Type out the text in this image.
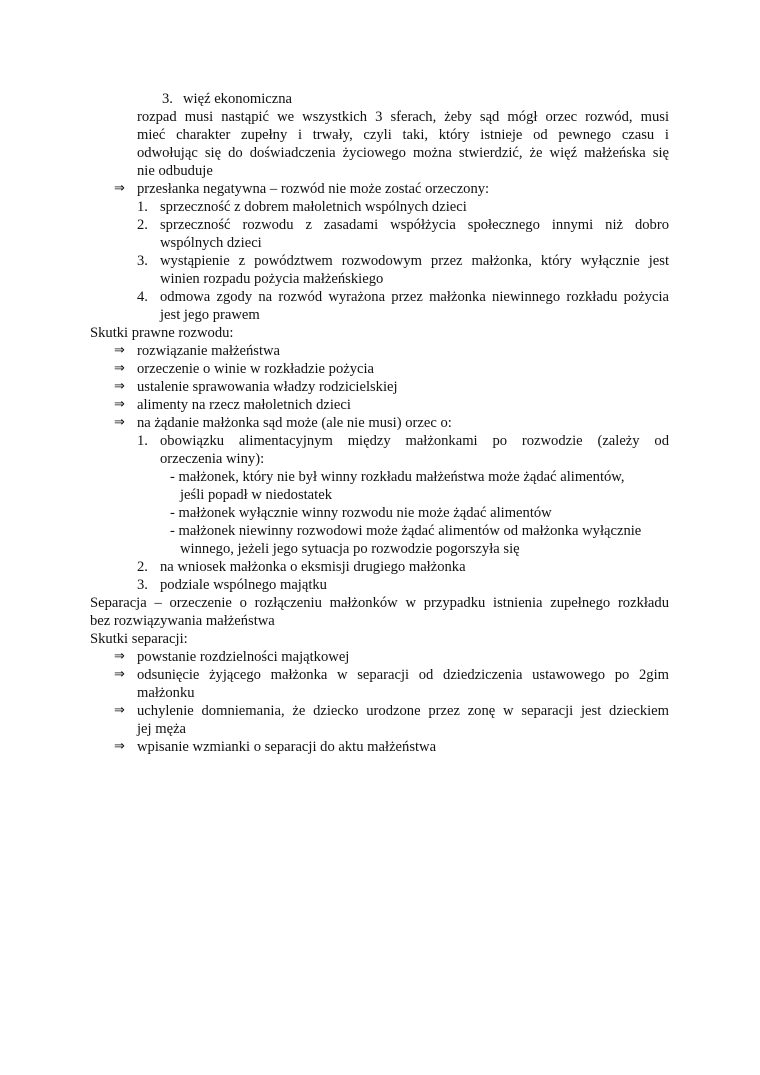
3. więź ekonomiczna
rozpad musi nastąpić we wszystkich 3 sferach, żeby sąd mógł orzec rozwód, musi
mieć charakter zupełny i trwały, czyli taki, który istnieje od pewnego czasu i
odwołując się do doświadczenia życiowego można stwierdzić, że więź małżeńska się
nie odbuduje
⇒ przesłanka negatywna – rozwód nie może zostać orzeczony:
1. sprzeczność z dobrem małoletnich wspólnych dzieci
2. sprzeczność rozwodu z zasadami współżycia społecznego innymi niż dobro
wspólnych dzieci
3. wystąpienie z powództwem rozwodowym przez małżonka, który wyłącznie jest
winien rozpadu pożycia małżeńskiego
4. odmowa zgody na rozwód wyrażona przez małżonka niewinnego rozkładu pożycia
jest jego prawem
Skutki prawne rozwodu:
⇒ rozwiązanie małżeństwa
⇒ orzeczenie o winie w rozkładzie pożycia
⇒ ustalenie sprawowania władzy rodzicielskiej
⇒ alimenty na rzecz małoletnich dzieci
⇒ na żądanie małżonka sąd może (ale nie musi) orzec o:
1. obowiązku alimentacyjnym między małżonkami po rozwodzie (zależy od
orzeczenia winy):
- małżonek, który nie był winny rozkładu małżeństwa może żądać alimentów,
jeśli popadł w niedostatek
- małżonek wyłącznie winny rozwodu nie może żądać alimentów
- małżonek niewinny rozwodowi może żądać alimentów od małżonka wyłącznie
winnego, jeżeli jego sytuacja po rozwodzie pogorszyła się
2. na wniosek małżonka o eksmisji drugiego małżonka
3. podziale wspólnego majątku
Separacja – orzeczenie o rozłączeniu małżonków w przypadku istnienia zupełnego rozkładu
bez rozwiązywania małżeństwa
Skutki separacji:
⇒ powstanie rozdzielności majątkowej
⇒ odsunięcie żyjącego małżonka w separacji od dziedziczenia ustawowego po 2gim
małżonku
⇒ uchylenie domniemania, że dziecko urodzone przez zonę w separacji jest dzieckiem
jej męża
⇒ wpisanie wzmianki o separacji do aktu małżeństwa
